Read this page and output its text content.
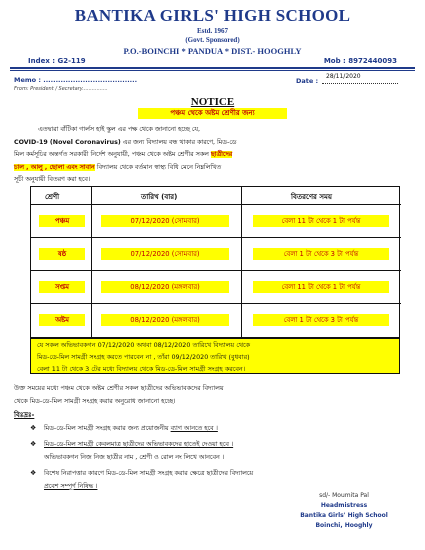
BANTIKA GIRLS' HIGH SCHOOL
Estd. 1967
(Govt. Sponsored)
P.O.-BOINCHI * PANDUA * DIST.- HOOGHLY
Index : G2-119	Mob : 8972440093
Memo : ......................................	Date :
28/11/2020
From: President / Secretary................
NOTICE
পঞ্চম থেকে অষ্টম শ্রেণীর জন্য
এতদ্বারা বাঁটিকা গার্লস হাই স্কুল এর পক্ষ থেকে জানানো হচ্ছে যে,
COVID-19 (Novel Coronavirus) এর জন্য বিদ্যালয় বন্ধ থাকার কারণে, মিড-ডে
মিল কর্মসূচির অন্তর্গত সরকারী নির্দেশ অনুযায়ী, পঞ্চম থেকে অষ্টম শ্রেণীর সকল ছাত্রীদের
চাল , আলু , ছোলা এবং সাবান বিদ্যালয় থেকে বর্তমান স্বাস্থ্য বিধি মেনে নিম্নলিখিত
সূচী অনুযায়ী বিতরণ করা হবে।
শ্রেণী	তারিখ (বার)	বিতরণের সময়
পঞ্চম	07/12/2020 (সোমবার)	বেলা 11 টা থেকে 1 টা পর্যন্ত
ষষ্ঠ	07/12/2020 (সোমবার)	বেলা 1 টা থেকে 3 টা পর্যন্ত
সপ্তম	08/12/2020 (মঙ্গলবার)	বেলা 11 টা থেকে 1 টা পর্যন্ত
অষ্টম	08/12/2020 (মঙ্গলবার)	বেলা 1 টা থেকে 3 টা পর্যন্ত
যে সকল অভিভাবকগন 07/12/2020 অথবা 08/12/2020 তারিখে বিদ্যালয় থেকে
মিড-ডে-মিল সামগ্রী সংগ্রহ করতে পারবেন না , তাঁরা 09/12/2020 তারিখ (বুধবার)
বেলা 11 টা থেকে 3 টের মধ্যে বিদ্যালয় থেকে মিড-ডে-মিল সামগ্রী সংগ্রহ করবেন।
উক্ত সময়ের মধ্যে পঞ্চম থেকে অষ্টম শ্রেণীর সকল ছাত্রীদের অভিভাবকদের বিদ্যালয়
থেকে মিড-ডে-মিল সামগ্রী সংগ্রহ করার অনুরোধ জানানো হচ্ছে।
বিঃদ্রঃ-
❖ মিড-ডে-মিল সামগ্রী সংগ্রহ করার জন্য প্রয়োজনীয় ব্যাগ আনতে হবে ।
❖ মিড-ডে-মিল সামগ্রী কেবলমাত্র ছাত্রীদের অভিভাবকদের হাতেই দেওয়া হবে ।
অভিভাবকগন নিজ নিজ ছাত্রীর নাম , শ্রেণী ও রোল নং লিখে আনবেন ।
❖ বিশেষ নিরাপত্তার কারণে মিড-ডে-মিল সামগ্রী সংগ্রহ করার ক্ষেত্রে ছাত্রীদের বিদ্যালয়ে
প্রবেশ সম্পূর্ণ নিষিদ্ধ ।
sd/- Moumita Pal
Headmistress
Bantika Girls' High School
Boinchi, Hooghly
